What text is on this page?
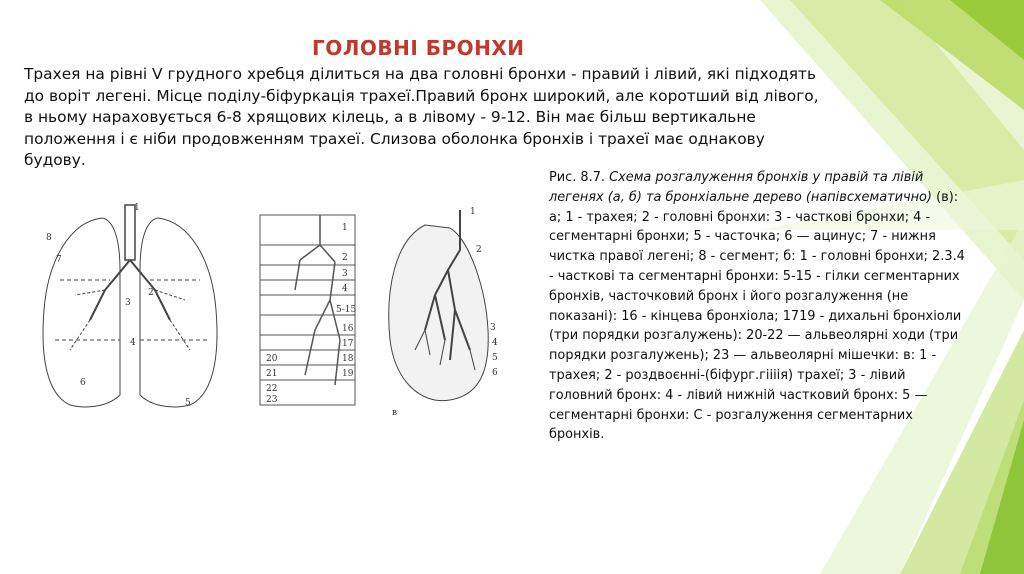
ГОЛОВНІ БРОНХИ

Трахея на рівні V грудного хребця ділиться на два головні бронхи - правий і лівий, які підходять до воріт легені. Місце поділу-біфуркація трахеї.Правий бронх широкий, але коротший від лівого, в ньому нараховується 6-8 хрящових кілець, а в лівому - 9-12. Він має більш вертикальне положення і є ніби продовженням трахеї. Слизова оболонка бронхів і трахеї має однакову будову.

1
8
7
2
3
4
6
5
1
2
3
4
5-15
16
17
18
19
20
21
22
23
1
2
3
4
5
6
в
Рис. 8.7. Схема розгалуження бронхів у правій та лівій легенях (а, б) та бронхіальне дерево (напівсхематично) (в): а; 1 - трахея; 2 - головні бронхи: 3 - часткові бронхи; 4 - сегментарні бронхи; 5 - часточка; 6 — ацинус; 7 - нижня чистка правої легені; 8 - сегмент; б: 1 - головні бронхи; 2.3.4 - часткові та сегментарні бронхи: 5-15 - гілки сегментарних бронхів, часточковий бронх і його розгалуження (не показані): 16 - кінцева бронхіола; 1719 - дихальні бронхіоли (три порядки розгалужень): 20-22 — альвеолярні ходи (три порядки розгалужень); 23 — альвеолярні мішечки: в: 1 - трахея; 2 - роздвоєнні-(біфург.гіііія) трахеї; 3 - лівий головний бронх: 4 - лівий нижній частковий бронх: 5 — сегментарні бронхи: С - розгалуження сегментарних бронхів.
